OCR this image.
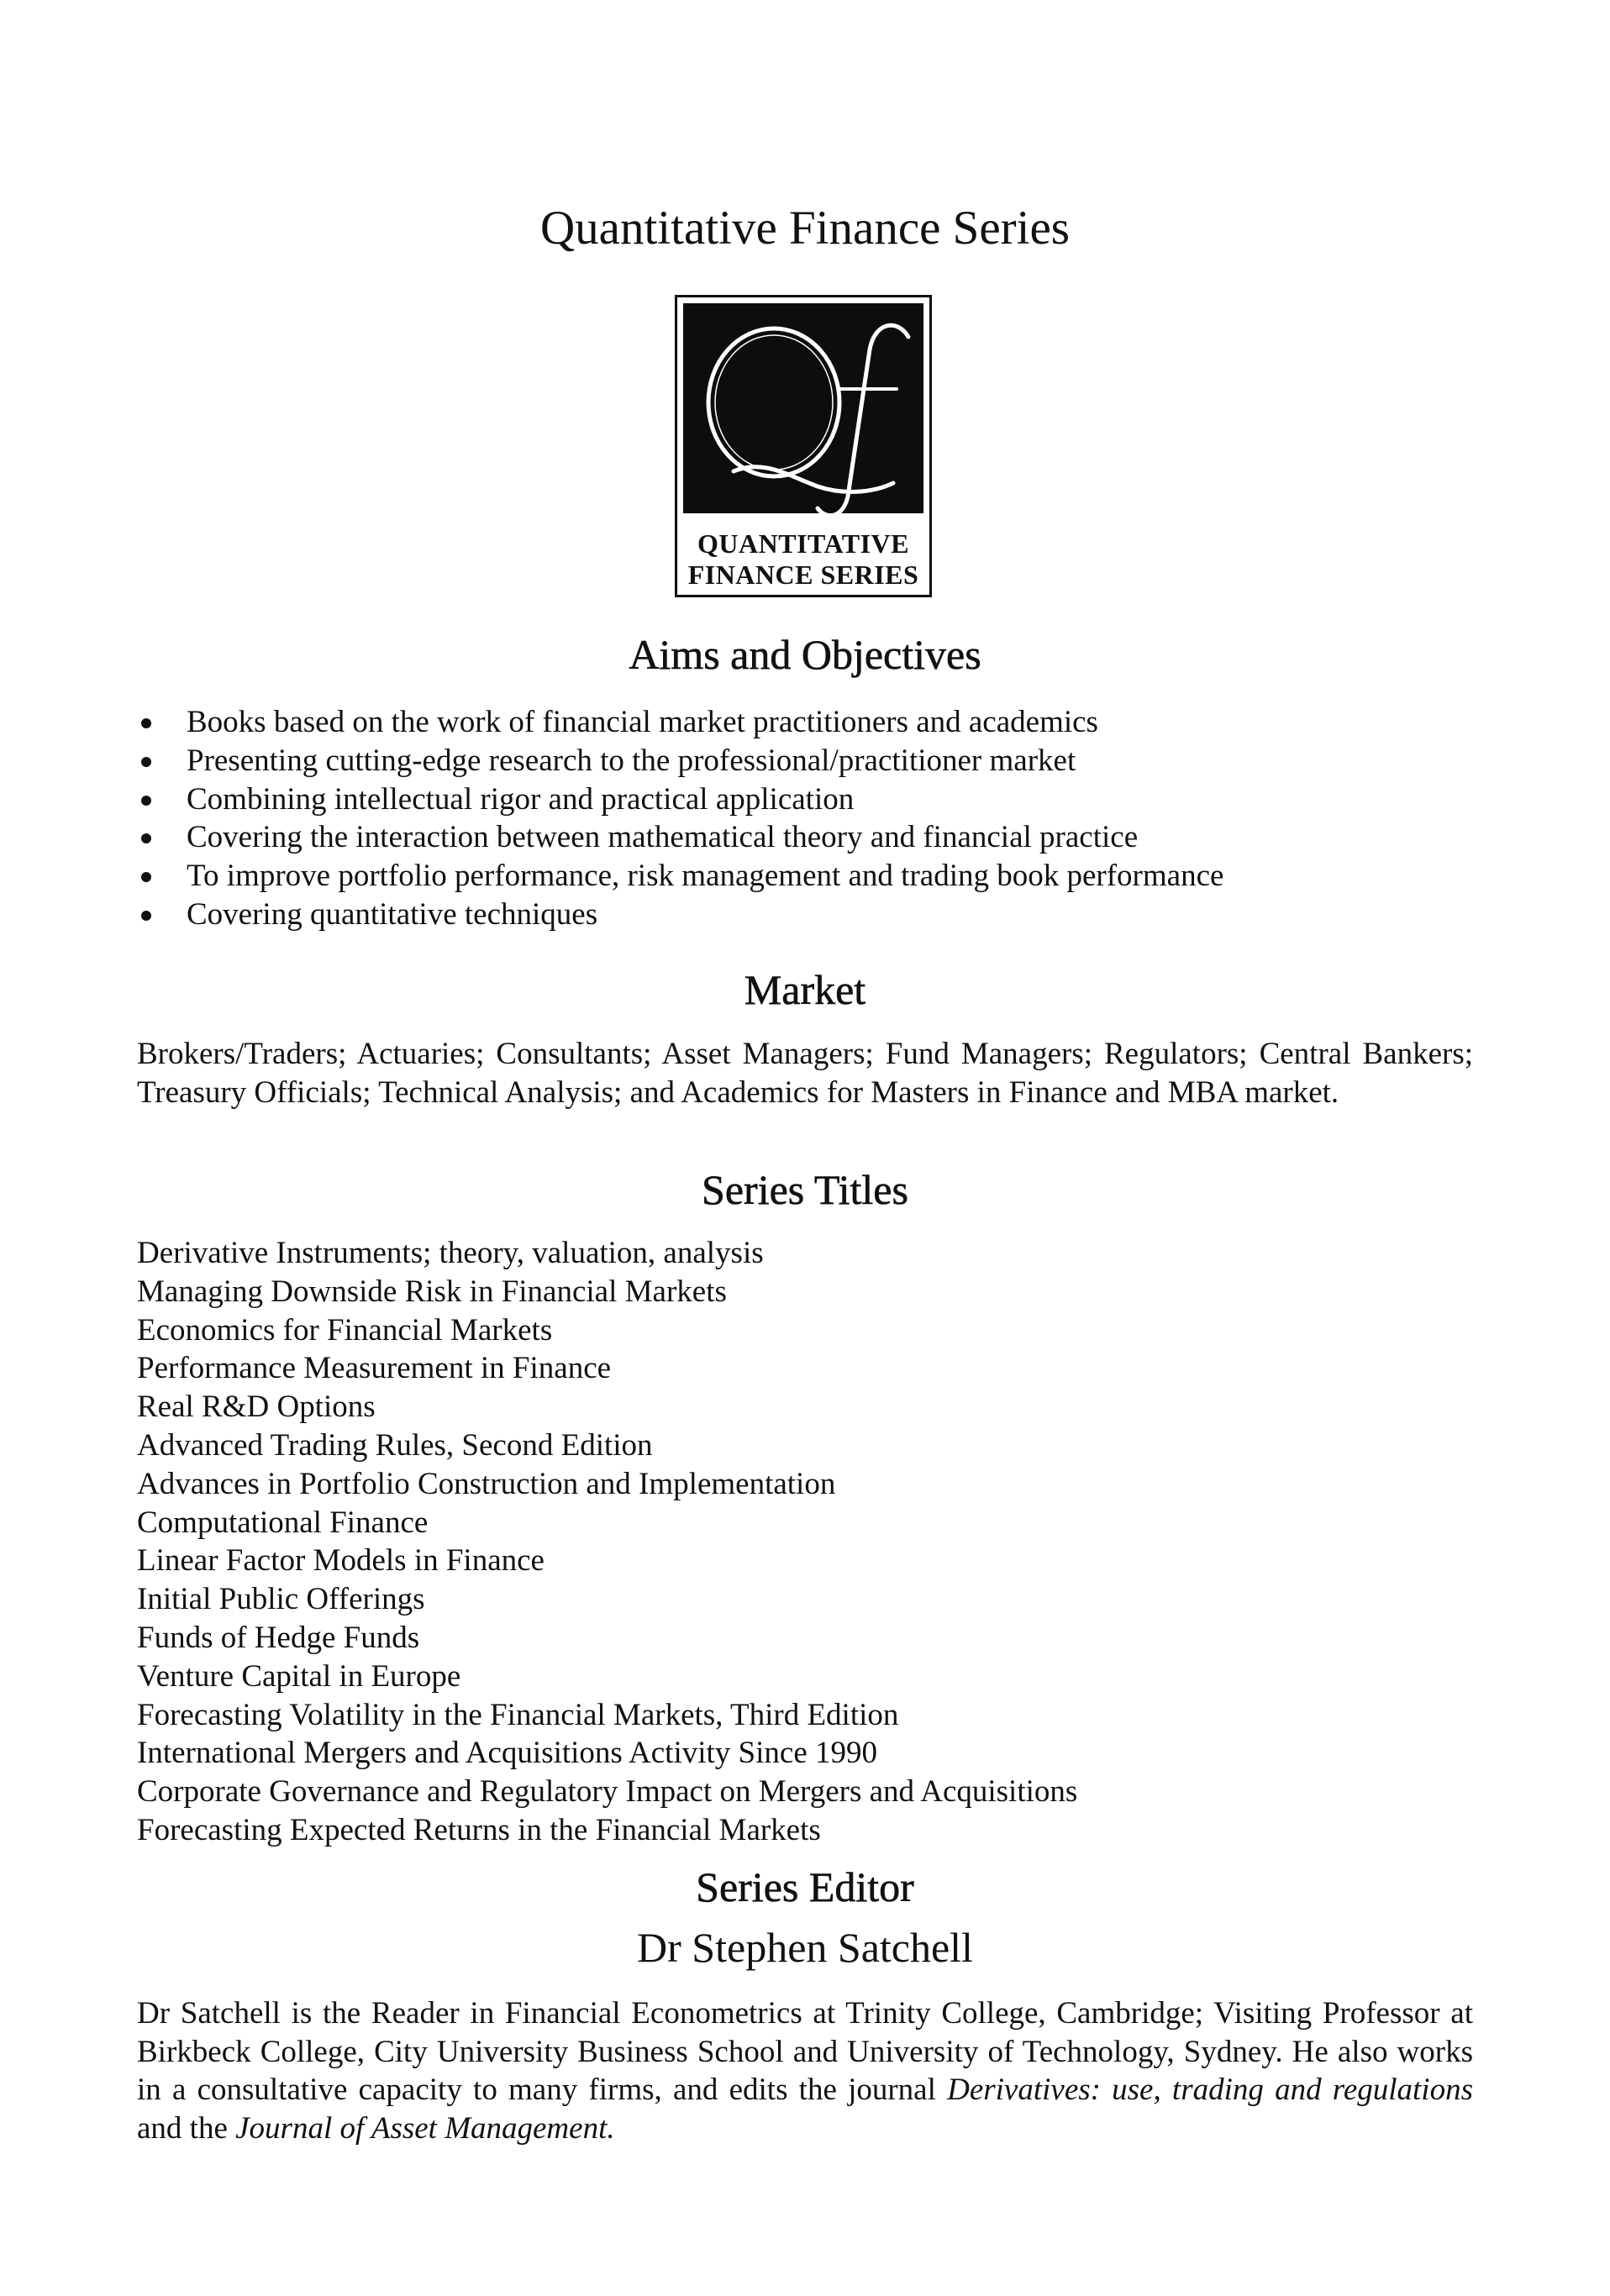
Quantitative Finance Series
QUANTITATIVE
FINANCE SERIES
Aims and Objectives
Books based on the work of financial market practitioners and academics
Presenting cutting-edge research to the professional/practitioner market
Combining intellectual rigor and practical application
Covering the interaction between mathematical theory and financial practice
To improve portfolio performance, risk management and trading book performance
Covering quantitative techniques
Market

Brokers/Traders; Actuaries; Consultants; Asset Managers; Fund Managers; Regulators; Central Bankers; Treasury Officials; Technical Analysis; and Academics for Masters in Finance and MBA market.

Series Titles
Derivative Instruments; theory, valuation, analysis
Managing Downside Risk in Financial Markets
Economics for Financial Markets
Performance Measurement in Finance
Real R&D Options
Advanced Trading Rules, Second Edition
Advances in Portfolio Construction and Implementation
Computational Finance
Linear Factor Models in Finance
Initial Public Offerings
Funds of Hedge Funds
Venture Capital in Europe
Forecasting Volatility in the Financial Markets, Third Edition
International Mergers and Acquisitions Activity Since 1990
Corporate Governance and Regulatory Impact on Mergers and Acquisitions
Forecasting Expected Returns in the Financial Markets
Series Editor

Dr Stephen Satchell

Dr Satchell is the Reader in Financial Econometrics at Trinity College, Cambridge; Visiting Professor at Birkbeck College, City University Business School and University of Technology, Sydney. He also works in a consultative capacity to many firms, and edits the journal Derivatives: use, trading and regulations and the Journal of Asset Management.
